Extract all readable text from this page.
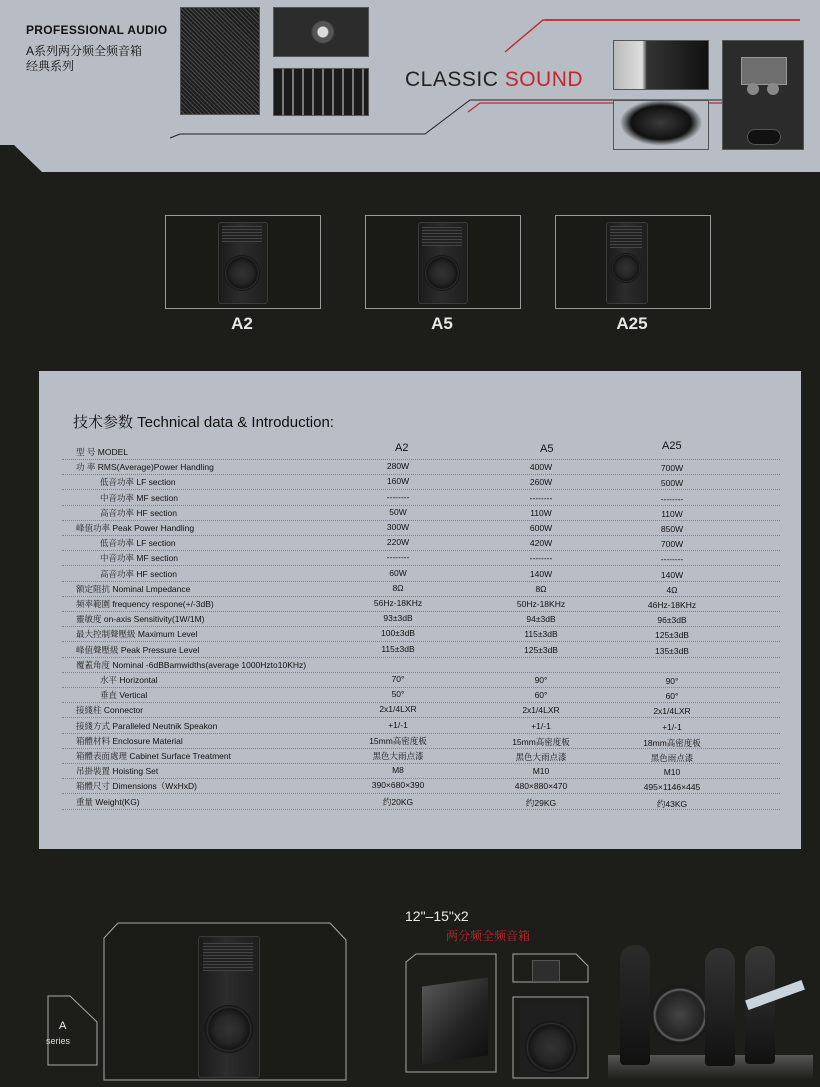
PROFESSIONAL AUDIO
A系列两分频全频音箱
经典系列
CLASSIC SOUND
A2	A5	A25
技术参数 Technical data & Introduction:
A2	A5	A25
型 号 MODEL
功 率 RMS(Average)Power Handling	280W	400W	700W
低音功率 LF section	160W	260W	500W
中音功率 MF section	--------	--------	--------
高音功率 HF section	50W	110W	110W
峰值功率 Peak Power Handling	300W	600W	850W
低音功率 LF section	220W	420W	700W
中音功率 MF section	--------	--------	--------
高音功率 HF section	60W	140W	140W
额定阻抗 Nominal Lmpedance	8Ω	8Ω	4Ω
频率範圍 frequency respone(+/-3dB)	56Hz-18KHz	50Hz-18KHz	46Hz-18KHz
靈敏度 on-axis Sensitivity(1W/1M)	93±3dB	94±3dB	96±3dB
最大控制聲壓級 Maximum Level	100±3dB	115±3dB	125±3dB
峰值聲壓級 Peak Pressure Level	115±3dB	125±3dB	135±3dB
覆蓋角度 Nominal -6dBBamwidths(average 1000Hzto10KHz)
水平 Horizontal	70°	90°	90°
垂直 Vertical	50°	60°	60°
接綫柱 Connector	2x1/4LXR	2x1/4LXR	2x1/4LXR
接綫方式 Paralleled Neutnik Speakon	+1/-1	+1/-1	+1/-1
箱體材料 Enclosure Material	15mm高密度板	15mm高密度板	18mm高密度板
箱體表面處理 Cabinet Surface Treatment	黑色大雨点漆	黑色大雨点漆	黑色雨点漆
吊掛裝置 Hoisting Set	M8	M10	M10
箱體尺寸 Dimensions（WxHxD)	390×680×390	480×880×470	495×1146×445
重量 Weight(KG)	约20KG	约29KG	约43KG
12"–15"x2
两分频全频音箱
A
series
